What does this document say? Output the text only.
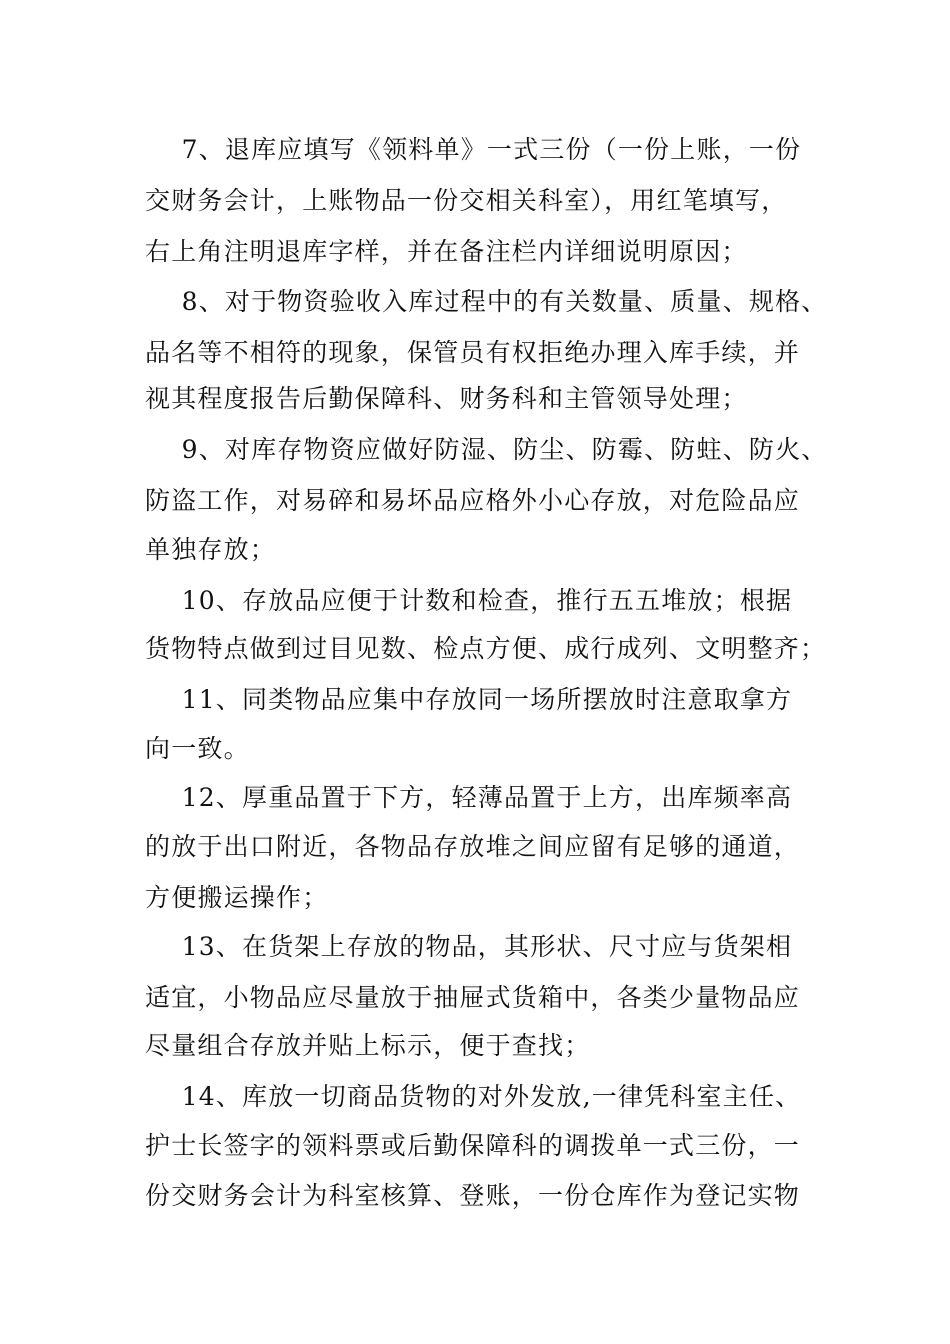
7、退库应填写《领料单》一式三份（一份上账，一份
交财务会计，上账物品一份交相关科室），用红笔填写，
右上角注明退库字样，并在备注栏内详细说明原因；
8、对于物资验收入库过程中的有关数量、质量、规格、
品名等不相符的现象，保管员有权拒绝办理入库手续，并
视其程度报告后勤保障科、财务科和主管领导处理；
9、对库存物资应做好防湿、防尘、防霉、防蛀、防火、
防盗工作，对易碎和易坏品应格外小心存放，对危险品应
单独存放；
10、存放品应便于计数和检查，推行五五堆放；根据
货物特点做到过目见数、检点方便、成行成列、文明整齐；
11、同类物品应集中存放同一场所摆放时注意取拿方
向一致。
12、厚重品置于下方，轻薄品置于上方，出库频率高
的放于出口附近，各物品存放堆之间应留有足够的通道，
方便搬运操作；
13、在货架上存放的物品，其形状、尺寸应与货架相
适宜，小物品应尽量放于抽屉式货箱中，各类少量物品应
尽量组合存放并贴上标示，便于查找；
14、库放一切商品货物的对外发放,一律凭科室主任、
护士长签字的领料票或后勤保障科的调拨单一式三份，一
份交财务会计为科室核算、登账，一份仓库作为登记实物
